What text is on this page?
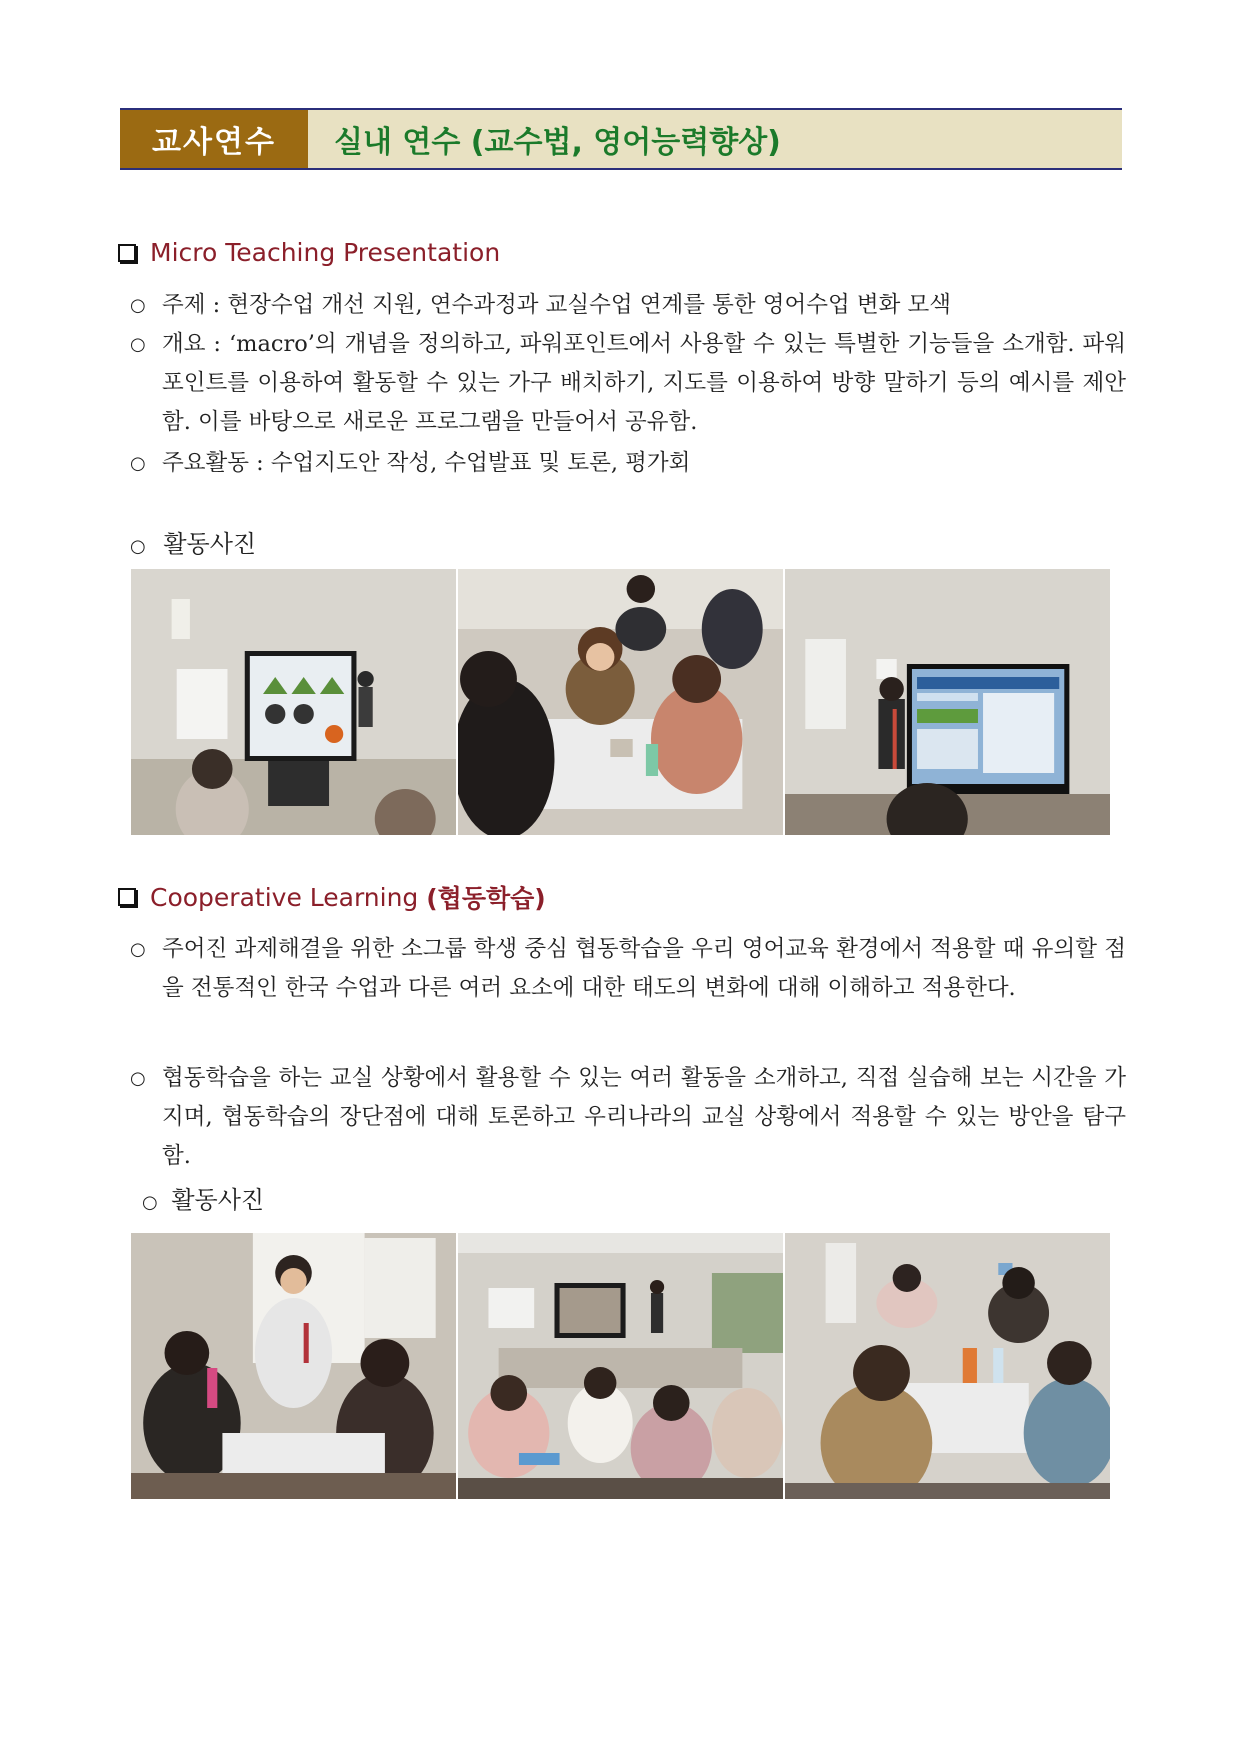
교사연수	실내 연수 (교수법, 영어능력향상)
Micro Teaching Presentation
○ 주제 : 현장수업 개선 지원, 연수과정과 교실수업 연계를 통한 영어수업 변화 모색
○ 개요 : ‘macro’의 개념을 정의하고, 파워포인트에서 사용할 수 있는 특별한 기능들을 소개함. 파워포인트를 이용하여 활동할 수 있는 가구 배치하기, 지도를 이용하여 방향 말하기 등의 예시를 제안함. 이를 바탕으로 새로운 프로그램을 만들어서 공유함.
○ 주요활동 : 수업지도안 작성, 수업발표 및 토론, 평가회
○ 활동사진
Cooperative Learning (협동학습)
○ 주어진 과제해결을 위한 소그룹 학생 중심 협동학습을 우리 영어교육 환경에서 적용할 때 유의할 점을 전통적인 한국 수업과 다른 여러 요소에 대한 태도의 변화에 대해 이해하고 적용한다.
○ 협동학습을 하는 교실 상황에서 활용할 수 있는 여러 활동을 소개하고, 직접 실습해 보는 시간을 가지며, 협동학습의 장단점에 대해 토론하고 우리나라의 교실 상황에서 적용할 수 있는 방안을 탐구함.
○ 활동사진
